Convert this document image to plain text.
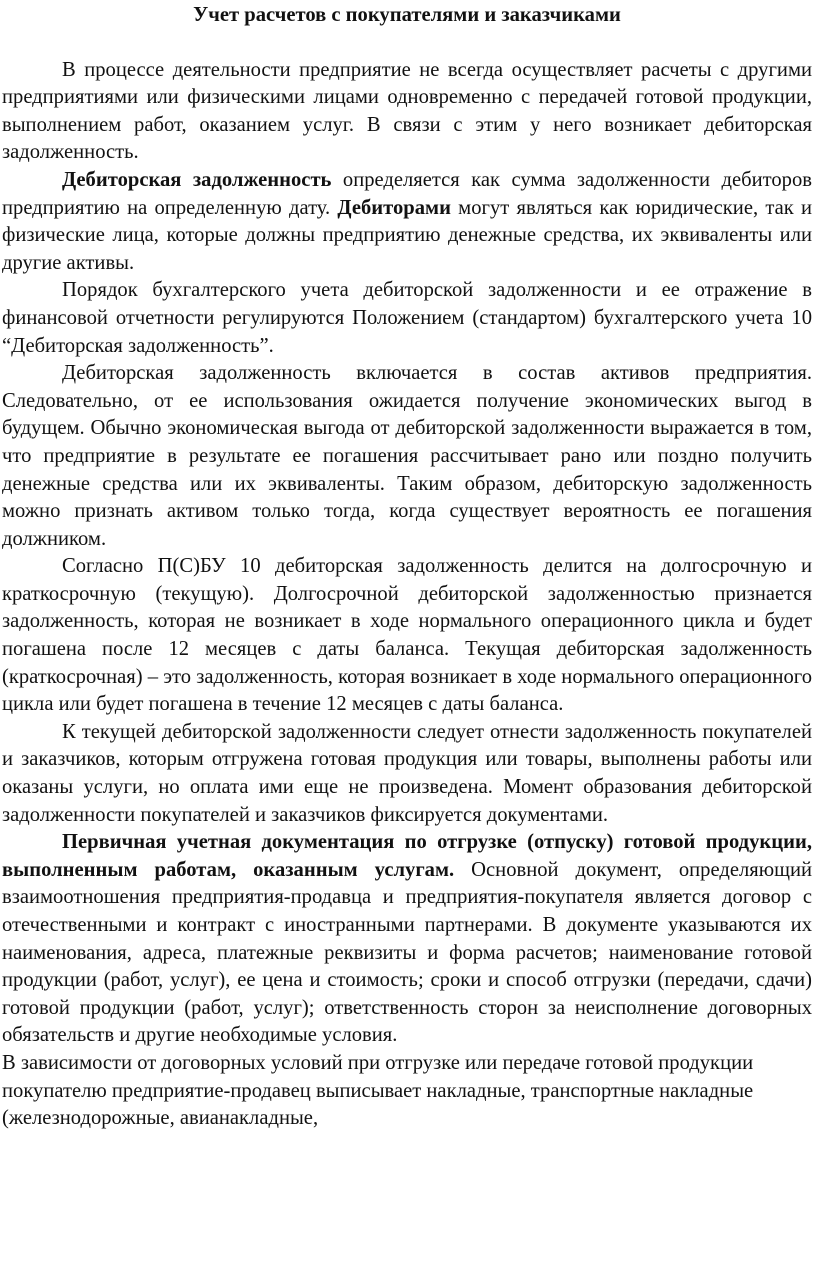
Учет расчетов с покупателями и заказчиками

В процессе деятельности предприятие не всегда осуществляет расчеты с другими предприятиями или физическими лицами одновременно с передачей готовой продукции, выполнением работ, оказанием услуг. В связи с этим у него возникает дебиторская задолженность.

Дебиторская задолженность определяется как сумма задолженности дебиторов предприятию на определенную дату. Дебиторами могут являться как юридические, так и физические лица, которые должны предприятию денежные средства, их эквиваленты или другие активы.

Порядок бухгалтерского учета дебиторской задолженности и ее отражение в финансовой отчетности регулируются Положением (стандартом) бухгалтерского учета 10 “Дебиторская задолженность”.

Дебиторская задолженность включается в состав активов предприятия. Следовательно, от ее использования ожидается получение экономических выгод в будущем. Обычно экономическая выгода от дебиторской задолженности выражается в том, что предприятие в результате ее погашения рассчитывает рано или поздно получить денежные средства или их эквиваленты. Таким образом, дебиторскую задолженность можно признать активом только тогда, когда существует вероятность ее погашения должником.

Согласно П(С)БУ 10 дебиторская задолженность делится на долгосрочную и краткосрочную (текущую). Долгосрочной дебиторской задолженностью признается задолженность, которая не возникает в ходе нормального операционного цикла и будет погашена после 12 месяцев с даты баланса. Текущая дебиторская задолженность (краткосрочная) – это задолженность, которая возникает в ходе нормального операционного цикла или будет погашена в течение 12 месяцев с даты баланса.

К текущей дебиторской задолженности следует отнести задолженность покупателей и заказчиков, которым отгружена готовая продукция или товары, выполнены работы или оказаны услуги, но оплата ими еще не произведена. Момент образования дебиторской задолженности покупателей и заказчиков фиксируется документами.

Первичная учетная документация по отгрузке (отпуску) готовой продукции, выполненным работам, оказанным услугам. Основной документ, определяющий взаимоотношения предприятия-продавца и предприятия-покупателя является договор с отечественными и контракт с иностранными партнерами. В документе указываются их наименования, адреса, платежные реквизиты и форма расчетов; наименование готовой продукции (работ, услуг), ее цена и стоимость; сроки и способ отгрузки (передачи, сдачи) готовой продукции (работ, услуг); ответственность сторон за неисполнение договорных обязательств и другие необходимые условия.

В зависимости от договорных условий при отгрузке или передаче готовой продукции покупателю предприятие-продавец выписывает накладные, транспортные накладные (железнодорожные, авианакладные,
